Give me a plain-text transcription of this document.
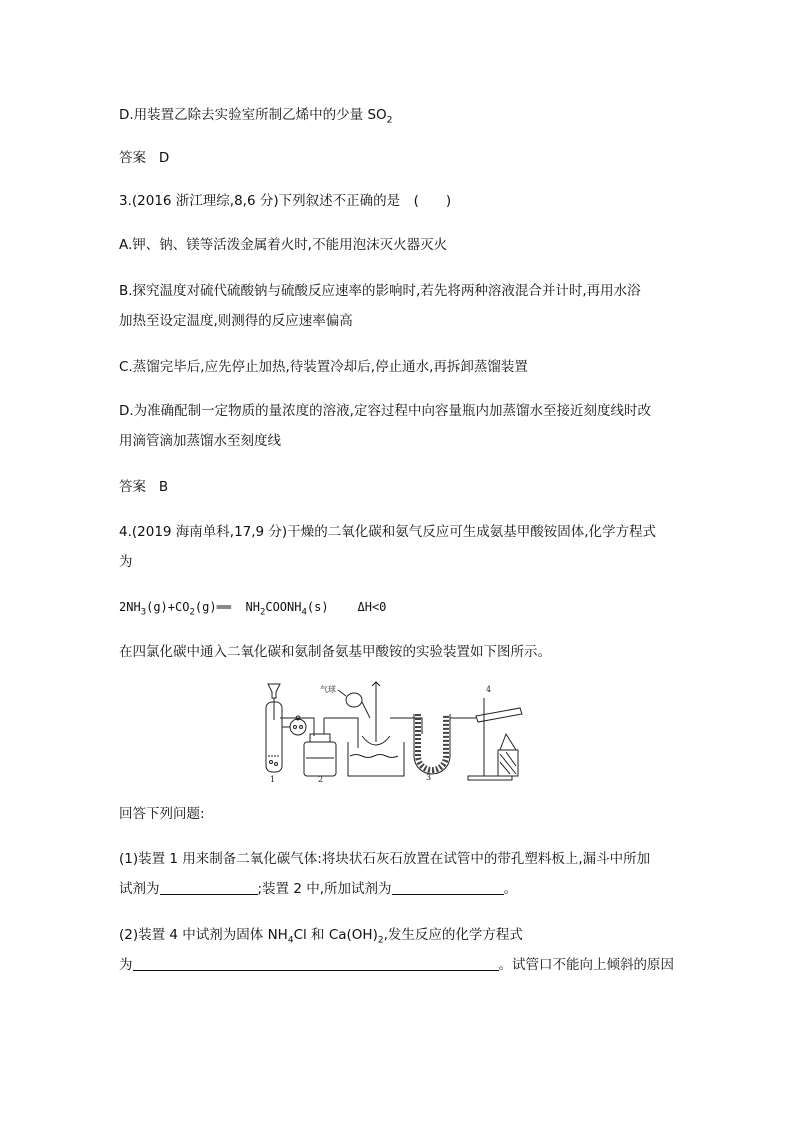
D.用装置乙除去实验室所制乙烯中的少量 $SO_2$
答案 D
3.(2016 浙江理综,8,6 分)下列叙述不正确的是　(　　)
A.钾、钠、镁等活泼金属着火时,不能用泡沫灭火器灭火
B.探究温度对硫代硫酸钠与硫酸反应速率的影响时,若先将两种溶液混合并计时,再用水浴
加热至设定温度,则测得的反应速率偏高
C.蒸馏完毕后,应先停止加热,待装置冷却后,停止通水,再拆卸蒸馏装置
D.为准确配制一定物质的量浓度的溶液,定容过程中向容量瓶内加蒸馏水至接近刻度线时改
用滴管滴加蒸馏水至刻度线
答案 B
4.(2019 海南单科,17,9 分)干燥的二氧化碳和氨气反应可生成氨基甲酸铵固体,化学方程式
为
$2NH_3(g)+CO_2(g)══$ $NH_2COONH_4(s)$ ΔH<0
在四氯化碳中通入二氧化碳和氨制备氨基甲酸铵的实验装置如下图所示。
1	2
气球
3
4
回答下列问题:
(1)装置 1 用来制备二氧化碳气体:将块状石灰石放置在试管中的带孔塑料板上,漏斗中所加
试剂为	;装置 2 中,所加试剂为	。
(2)装置 4 中试剂为固体 $NH_4Cl$ 和 $Ca(OH)_2$,发生反应的化学方程式
为	。试管口不能向上倾斜的原因
